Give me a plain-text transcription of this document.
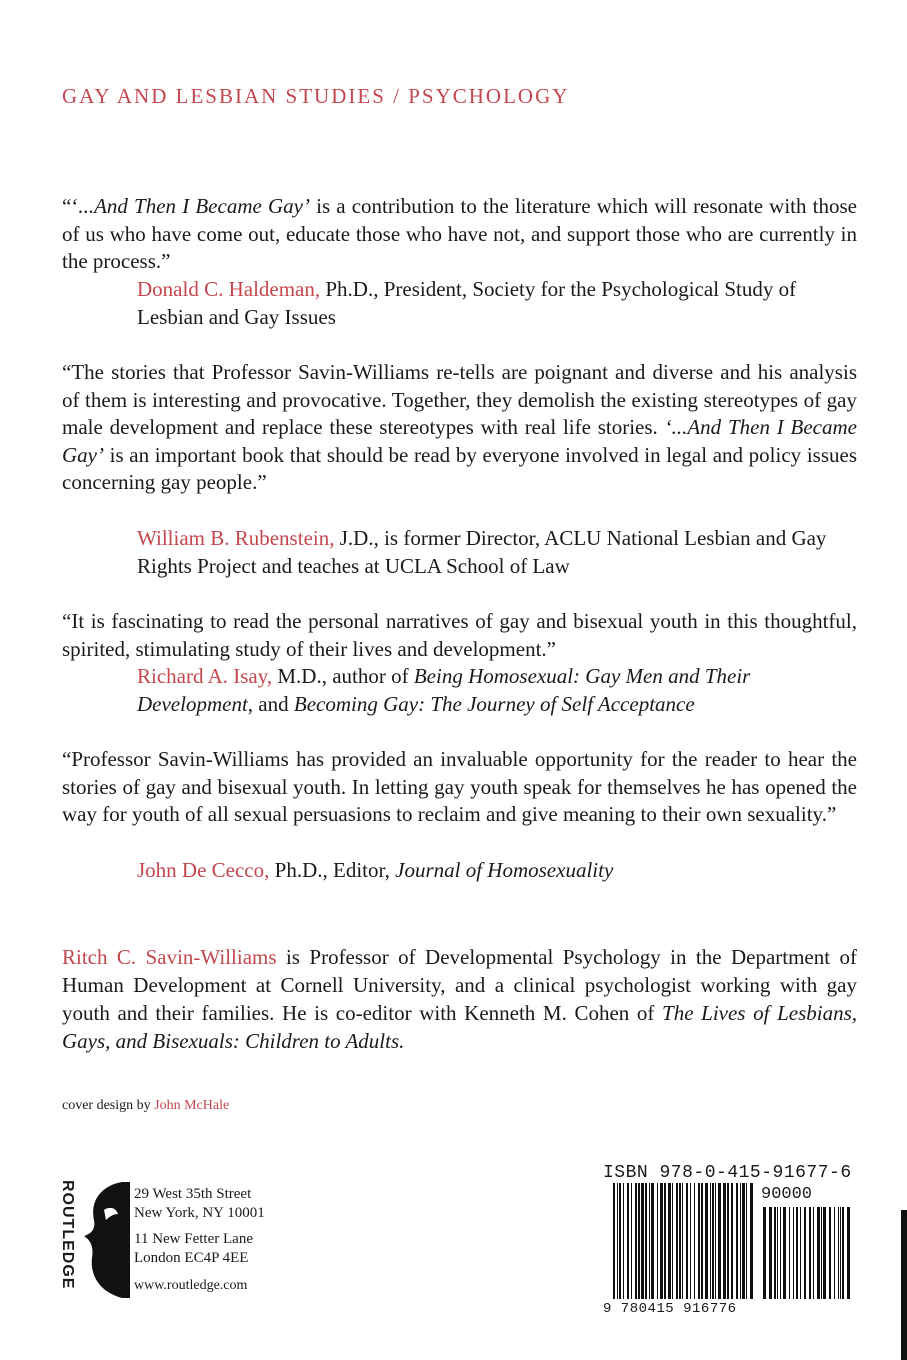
GAY AND LESBIAN STUDIES / PSYCHOLOGY
“‘...And Then I Became Gay’ is a contribution to the literature which will resonate with those of us who have come out, educate those who have not, and support those who are currently in the process.”
Donald C. Haldeman, Ph.D., President, Society for the Psychological Study of Lesbian and Gay Issues
“The stories that Professor Savin-Williams re-tells are poignant and diverse and his analysis of them is interesting and provocative. Together, they demolish the existing stereotypes of gay male development and replace these stereotypes with real life stories. ‘...And Then I Became Gay’ is an important book that should be read by everyone involved in legal and policy issues concerning gay people.”
William B. Rubenstein, J.D., is former Director, ACLU National Lesbian and Gay Rights Project and teaches at UCLA School of Law
“It is fascinating to read the personal narratives of gay and bisexual youth in this thoughtful, spirited, stimulating study of their lives and development.”
Richard A. Isay, M.D., author of Being Homosexual: Gay Men and Their Development, and Becoming Gay: The Journey of Self Acceptance
“Professor Savin-Williams has provided an invaluable opportunity for the reader to hear the stories of gay and bisexual youth. In letting gay youth speak for themselves he has opened the way for youth of all sexual persuasions to reclaim and give meaning to their own sexuality.”
John De Cecco, Ph.D., Editor, Journal of Homosexuality
Ritch C. Savin-Williams is Professor of Developmental Psychology in the Department of Human Development at Cornell University, and a clinical psychologist working with gay youth and their families. He is co-editor with Kenneth M. Cohen of The Lives of Lesbians, Gays, and Bisexuals: Children to Adults.
cover design by John McHale
ROUTLEDGE	29 West 35th Street
New York, NY 10001
11 New Fetter Lane
London EC4P 4EE
www.routledge.com
ISBN 978-0-415-91677-6
90000
9 780415 916776
